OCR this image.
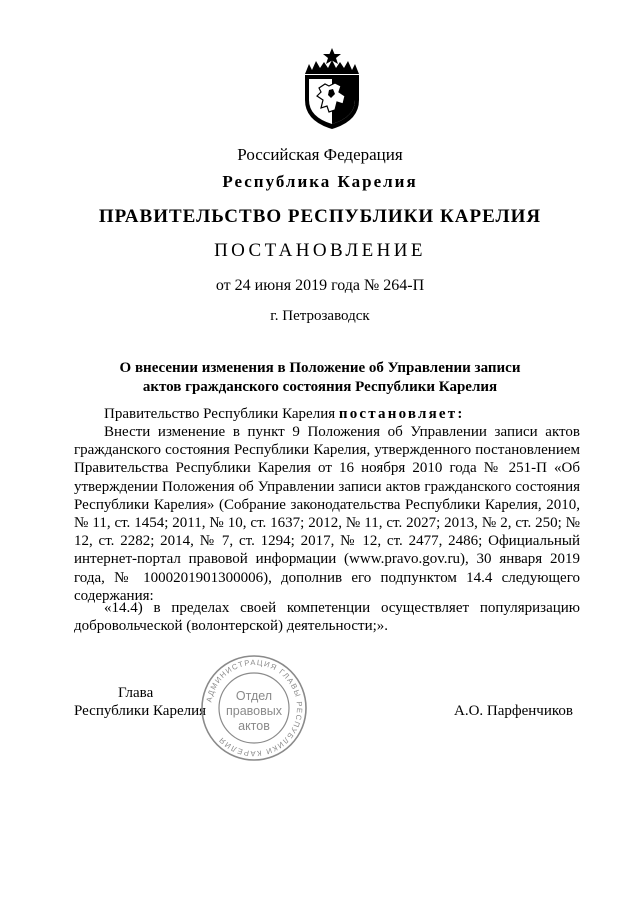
Российская Федерация
Республика Карелия
ПРАВИТЕЛЬСТВО РЕСПУБЛИКИ КАРЕЛИЯ
ПОСТАНОВЛЕНИЕ
от 24 июня 2019 года № 264-П
г. Петрозаводск
О внесении изменения в Положение об Управлении записи
актов гражданского состояния Республики Карелия
Правительство Республики Карелия постановляет:
Внести изменение в пункт 9 Положения об Управлении записи актов гражданского состояния Республики Карелия, утвержденного постановлением Правительства Республики Карелия от 16 ноября 2010 года № 251-П «Об утверждении Положения об Управлении записи актов гражданского состояния Республики Карелия» (Собрание законодательства Республики Карелия, 2010, № 11, ст. 1454; 2011, № 10, ст. 1637; 2012, № 11, ст. 2027; 2013, № 2, ст. 250; № 12, ст. 2282; 2014, № 7, ст. 1294; 2017, № 12, ст. 2477, 2486; Официальный интернет-портал правовой информации (www.pravo.gov.ru), 30 января 2019 года, № 1000201901300006), дополнив его подпунктом 14.4 следующего содержания:
«14.4) в пределах своей компетенции осуществляет популяризацию добровольческой (волонтерской) деятельности;».
Глава
Республики Карелия	А.О. Парфенчиков
АДМИНИСТРАЦИЯ ГЛАВЫ РЕСПУБЛИКИ КАРЕЛИЯ
Отдел
правовых
актов
